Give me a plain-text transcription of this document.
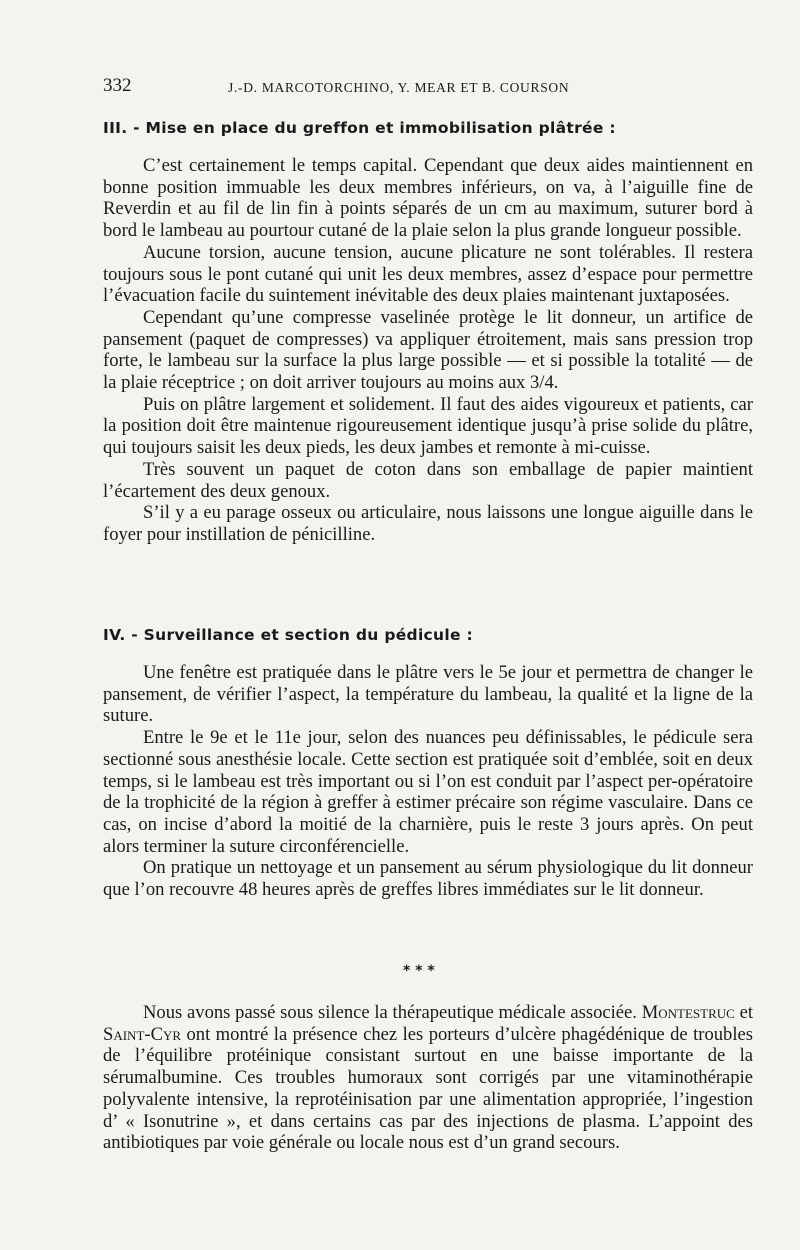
332	J.-D. MARCOTORCHINO, Y. MEAR ET B. COURSON
III. - Mise en place du greffon et immobilisation plâtrée :

C’est certainement le temps capital. Cependant que deux aides maintiennent en bonne position immuable les deux membres inférieurs, on va, à l’aiguille fine de Reverdin et au fil de lin fin à points séparés de un cm au maximum, suturer bord à bord le lambeau au pourtour cutané de la plaie selon la plus grande longueur possible.

Aucune torsion, aucune tension, aucune plicature ne sont tolérables. Il restera toujours sous le pont cutané qui unit les deux membres, assez d’espace pour permettre l’évacuation facile du suintement inévitable des deux plaies maintenant juxtaposées.

Cependant qu’une compresse vaselinée protège le lit donneur, un artifice de pansement (paquet de compresses) va appliquer étroitement, mais sans pression trop forte, le lambeau sur la surface la plus large possible — et si possible la totalité — de la plaie réceptrice ; on doit arriver toujours au moins aux 3/4.

Puis on plâtre largement et solidement. Il faut des aides vigoureux et patients, car la position doit être maintenue rigoureusement identique jusqu’à prise solide du plâtre, qui toujours saisit les deux pieds, les deux jambes et remonte à mi-cuisse.

Très souvent un paquet de coton dans son emballage de papier maintient l’écartement des deux genoux.

S’il y a eu parage osseux ou articulaire, nous laissons une longue aiguille dans le foyer pour instillation de pénicilline.

IV. - Surveillance et section du pédicule :

Une fenêtre est pratiquée dans le plâtre vers le 5e jour et permettra de changer le pansement, de vérifier l’aspect, la température du lambeau, la qualité et la ligne de la suture.

Entre le 9e et le 11e jour, selon des nuances peu définissables, le pédicule sera sectionné sous anesthésie locale. Cette section est pratiquée soit d’emblée, soit en deux temps, si le lambeau est très important ou si l’on est conduit par l’aspect per-opératoire de la trophicité de la région à greffer à estimer précaire son régime vasculaire. Dans ce cas, on incise d’abord la moitié de la charnière, puis le reste 3 jours après. On peut alors terminer la suture circonférencielle.

On pratique un nettoyage et un pansement au sérum physiologique du lit donneur que l’on recouvre 48 heures après de greffes libres immédiates sur le lit donneur.

* * *

Nous avons passé sous silence la thérapeutique médicale associée. Montestruc et Saint-Cyr ont montré la présence chez les porteurs d’ulcère phagédénique de troubles de l’équilibre protéinique consistant surtout en une baisse importante de la sérumalbumine. Ces troubles humoraux sont corrigés par une vitaminothérapie polyvalente intensive, la reprotéinisation par une alimentation appropriée, l’ingestion d’ « Isonutrine », et dans certains cas par des injections de plasma. L’appoint des antibiotiques par voie générale ou locale nous est d’un grand secours.
